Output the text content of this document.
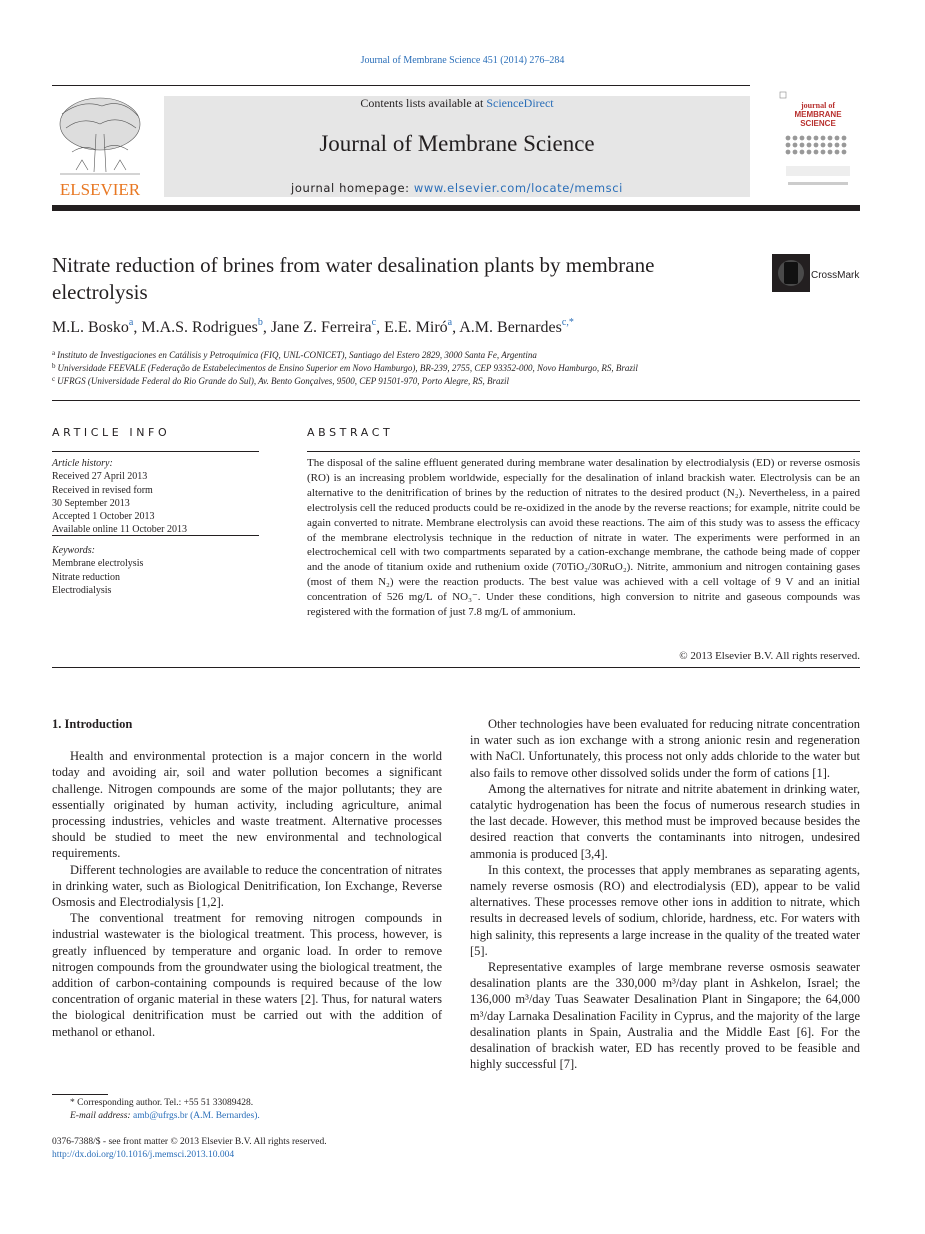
Journal of Membrane Science 451 (2014) 276–284
ELSEVIER
Contents lists available at ScienceDirect
Journal of Membrane Science
journal homepage: www.elsevier.com/locate/memsci
journal of
MEMBRANE
SCIENCE
Nitrate reduction of brines from water desalination plants by membrane electrolysis
CrossMark
M.L. Bosko$^a$, M.A.S. Rodrigues$^b$, Jane Z. Ferreira$^c$, E.E. Miró$^a$, A.M. Bernardes$^{c,*}$
$^a$ Instituto de Investigaciones en Catálisis y Petroquímica (FIQ, UNL-CONICET), Santiago del Estero 2829, 3000 Santa Fe, Argentina
$^b$ Universidade FEEVALE (Federação de Estabelecimentos de Ensino Superior em Novo Hamburgo), BR-239, 2755, CEP 93352-000, Novo Hamburgo, RS, Brazil
$^c$ UFRGS (Universidade Federal do Rio Grande do Sul), Av. Bento Gonçalves, 9500, CEP 91501-970, Porto Alegre, RS, Brazil
ARTICLE INFO	ABSTRACT
Article history:
Received 27 April 2013
Received in revised form
30 September 2013
Accepted 1 October 2013
Available online 11 October 2013
Keywords:
Membrane electrolysis
Nitrate reduction
Electrodialysis
The disposal of the saline effluent generated during membrane water desalination by electrodialysis (ED) or reverse osmosis (RO) is an increasing problem worldwide, especially for the desalination of inland brackish water. Electrolysis can be an alternative to the denitrification of brines by the reduction of nitrates to the desired product (N₂). Nevertheless, in a paired electrolysis cell the reduced products could be re-oxidized in the anode by the reverse reactions; for example, nitrite could be again converted to nitrate. Membrane electrolysis can avoid these reactions. The aim of this study was to assess the efficacy of the membrane electrolysis technique in the reduction of nitrate in water. The experiments were performed in an electrochemical cell with two compartments separated by a cation-exchange membrane, the cathode being made of copper and the anode of titanium oxide and ruthenium oxide (70TiO₂/30RuO₂). Nitrite, ammonium and nitrogen containing gases (most of them N₂) were the reaction products. The best value was achieved with a cell voltage of 9 V and an initial concentration of 526 mg/L of NO₃⁻. Under these conditions, high conversion to nitrite and gaseous compounds was registered with the formation of just 7.8 mg/L of ammonium.
© 2013 Elsevier B.V. All rights reserved.
1. Introduction

Health and environmental protection is a major concern in the world today and avoiding air, soil and water pollution becomes a significant challenge. Nitrogen compounds are some of the major pollutants; they are essentially originated by human activity, including agriculture, animal processing industries, vehicles and waste treatment. Alternative processes should be studied to meet the new environmental and technological requirements.

Different technologies are available to reduce the concentration of nitrates in drinking water, such as Biological Denitrification, Ion Exchange, Reverse Osmosis and Electrodialysis [1,2].

The conventional treatment for removing nitrogen compounds in industrial wastewater is the biological treatment. This process, however, is greatly influenced by temperature and organic load. In order to remove nitrogen compounds from the groundwater using the biological treatment, the addition of carbon-containing compounds is required because of the low concentration of organic material in these waters [2]. Thus, for natural waters the biological denitrification must be carried out with the addition of methanol or ethanol.

Other technologies have been evaluated for reducing nitrate concentration in water such as ion exchange with a strong anionic resin and regeneration with NaCl. Unfortunately, this process not only adds chloride to the water but also fails to remove other dissolved solids under the form of cations [1].

Among the alternatives for nitrate and nitrite abatement in drinking water, catalytic hydrogenation has been the focus of numerous research studies in the last decade. However, this method must be improved because besides the desired reaction that converts the contaminants into nitrogen, undesired ammonia is produced [3,4].

In this context, the processes that apply membranes as separating agents, namely reverse osmosis (RO) and electrodialysis (ED), appear to be valid alternatives. These processes remove other ions in addition to nitrate, which results in decreased levels of sodium, chloride, hardness, etc. For waters with high salinity, this represents a large increase in the quality of the treated water [5].

Representative examples of large membrane reverse osmosis seawater desalination plants are the 330,000 m³/day plant in Ashkelon, Israel; the 136,000 m³/day Tuas Seawater Desalination Plant in Singapore; the 64,000 m³/day Larnaka Desalination Facility in Cyprus, and the majority of the large desalination plants in Spain, Australia and the Middle East [6]. For the desalination of brackish water, ED has recently proved to be feasible and highly successful [7].

* Corresponding author. Tel.: +55 51 33089428.
E-mail address: amb@ufrgs.br (A.M. Bernardes).
0376-7388/$ - see front matter © 2013 Elsevier B.V. All rights reserved.
http://dx.doi.org/10.1016/j.memsci.2013.10.004
